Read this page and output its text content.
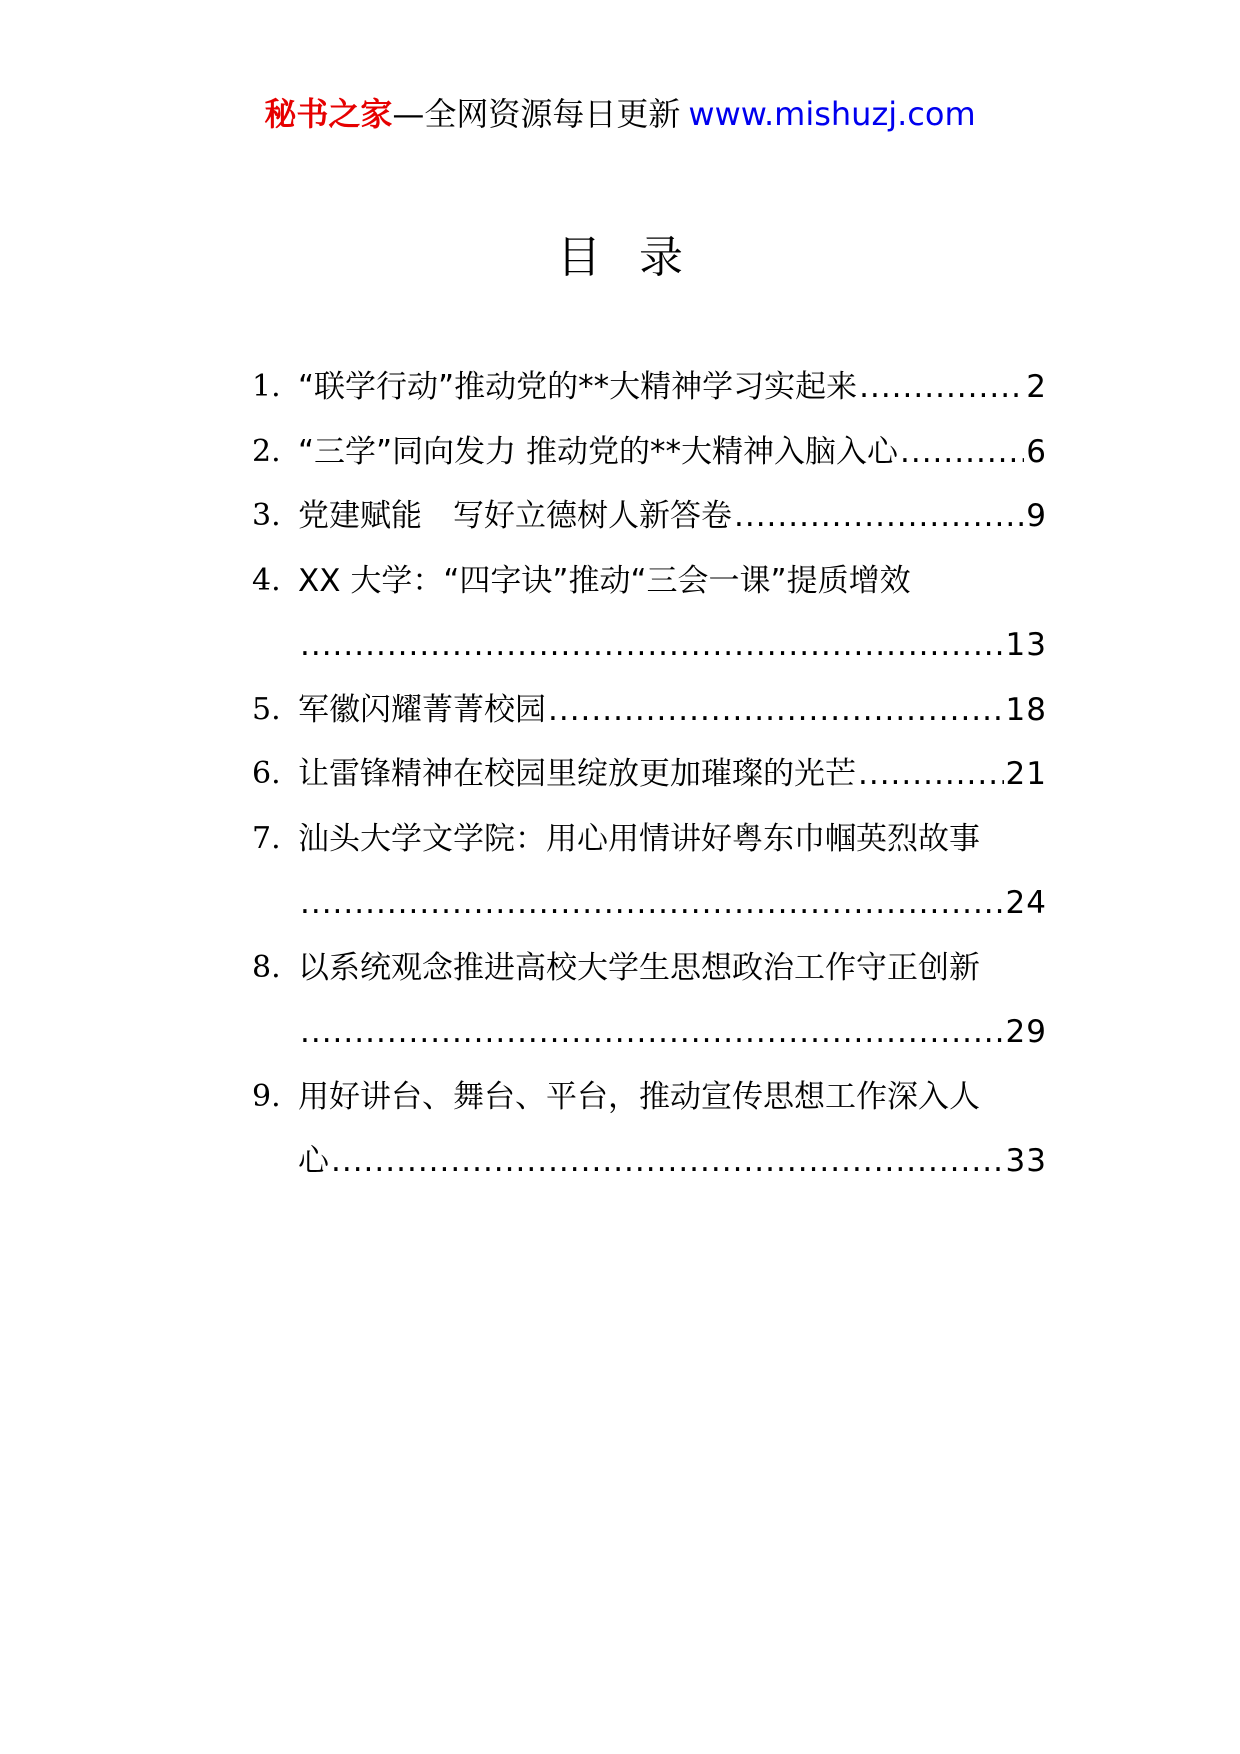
秘书之家—全网资源每日更新 www.mishuzj.com
目录
1. “联学行动”推动党的**大精神学习实起来 .....	2
2. “三学”同向发力 推动党的**大精神入脑入心 .....	6
3. 党建赋能　写好立德树人新答卷 .....	9
4. XX 大学：“四字诀”推动“三会一课”提质增效
.....
13
5. 军徽闪耀菁菁校园 .....	18
6. 让雷锋精神在校园里绽放更加璀璨的光芒 .....	21
7. 汕头大学文学院：用心用情讲好粤东巾帼英烈故事
.....
24
8. 以系统观念推进高校大学生思想政治工作守正创新
.....
29
9. 用好讲台、舞台、平台，推动宣传思想工作深入人
心 .....	33
